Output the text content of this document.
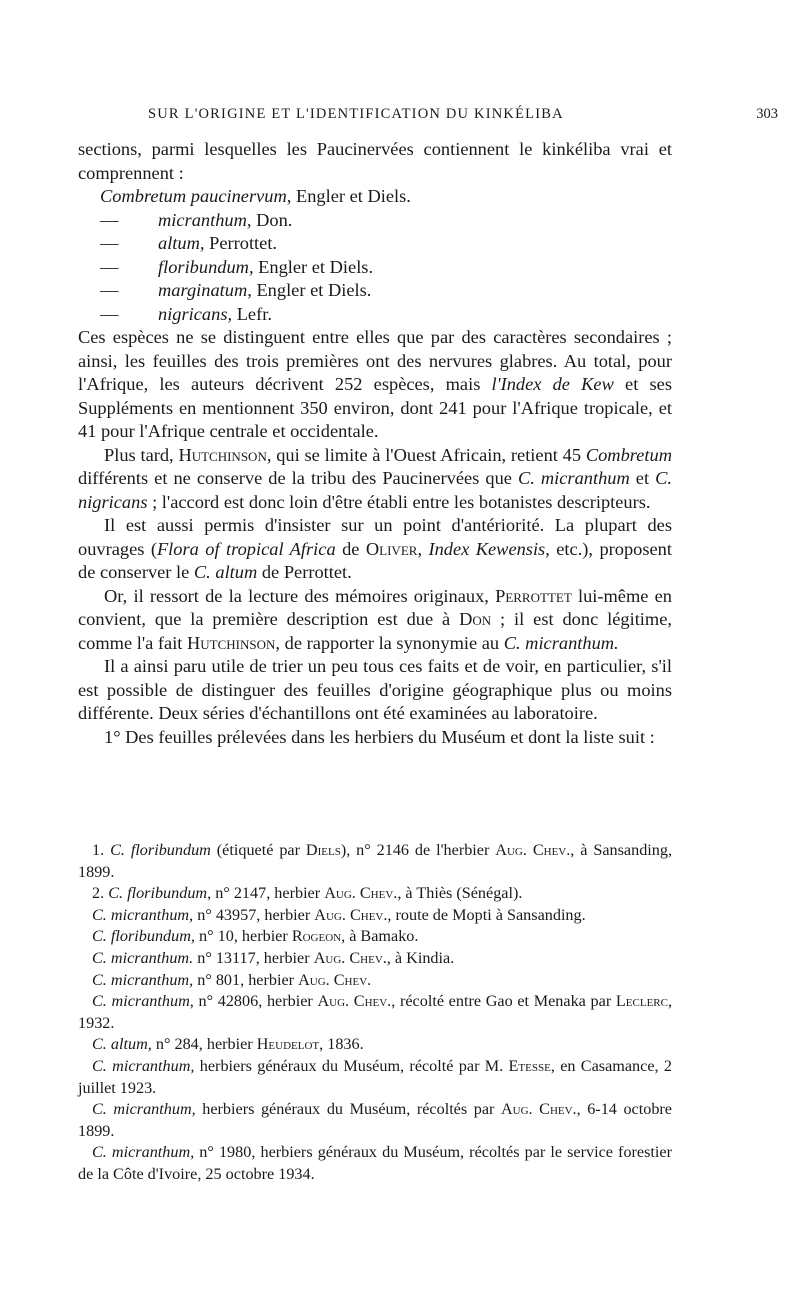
SUR L'ORIGINE ET L'IDENTIFICATION DU KINKÉLIBA	303

sections, parmi lesquelles les Paucinervées contiennent le kinkéliba vrai et comprennent :

Combretum paucinervum, Engler et Diels.

— micranthum, Don.

— altum, Perrottet.

— floribundum, Engler et Diels.

— marginatum, Engler et Diels.

— nigricans, Lefr.

Ces espèces ne se distinguent entre elles que par des caractères secondaires ; ainsi, les feuilles des trois premières ont des nervures glabres. Au total, pour l'Afrique, les auteurs décrivent 252 espèces, mais l'Index de Kew et ses Suppléments en mentionnent 350 environ, dont 241 pour l'Afrique tropicale, et 41 pour l'Afrique centrale et occidentale.

Plus tard, Hutchinson, qui se limite à l'Ouest Africain, retient 45 Combretum différents et ne conserve de la tribu des Paucinervées que C. micranthum et C. nigricans ; l'accord est donc loin d'être établi entre les botanistes descripteurs.

Il est aussi permis d'insister sur un point d'antériorité. La plupart des ouvrages (Flora of tropical Africa de Oliver, Index Kewensis, etc.), proposent de conserver le C. altum de Perrottet.

Or, il ressort de la lecture des mémoires originaux, Perrottet lui-même en convient, que la première description est due à Don ; il est donc légitime, comme l'a fait Hutchinson, de rapporter la synonymie au C. micranthum.

Il a ainsi paru utile de trier un peu tous ces faits et de voir, en particulier, s'il est possible de distinguer des feuilles d'origine géographique plus ou moins différente. Deux séries d'échantillons ont été examinées au laboratoire.

1° Des feuilles prélevées dans les herbiers du Muséum et dont la liste suit :

1. C. floribundum (étiqueté par Diels), n° 2146 de l'herbier Aug. Chev., à Sansanding, 1899.

2. C. floribundum, n° 2147, herbier Aug. Chev., à Thiès (Sénégal).

C. micranthum, n° 43957, herbier Aug. Chev., route de Mopti à Sansanding.

C. floribundum, n° 10, herbier Rogeon, à Bamako.

C. micranthum. n° 13117, herbier Aug. Chev., à Kindia.

C. micranthum, n° 801, herbier Aug. Chev.

C. micranthum, n° 42806, herbier Aug. Chev., récolté entre Gao et Menaka par Leclerc, 1932.

C. altum, n° 284, herbier Heudelot, 1836.

C. micranthum, herbiers généraux du Muséum, récolté par M. Etesse, en Casamance, 2 juillet 1923.

C. micranthum, herbiers généraux du Muséum, récoltés par Aug. Chev., 6-14 octobre 1899.

C. micranthum, n° 1980, herbiers généraux du Muséum, récoltés par le service forestier de la Côte d'Ivoire, 25 octobre 1934.
